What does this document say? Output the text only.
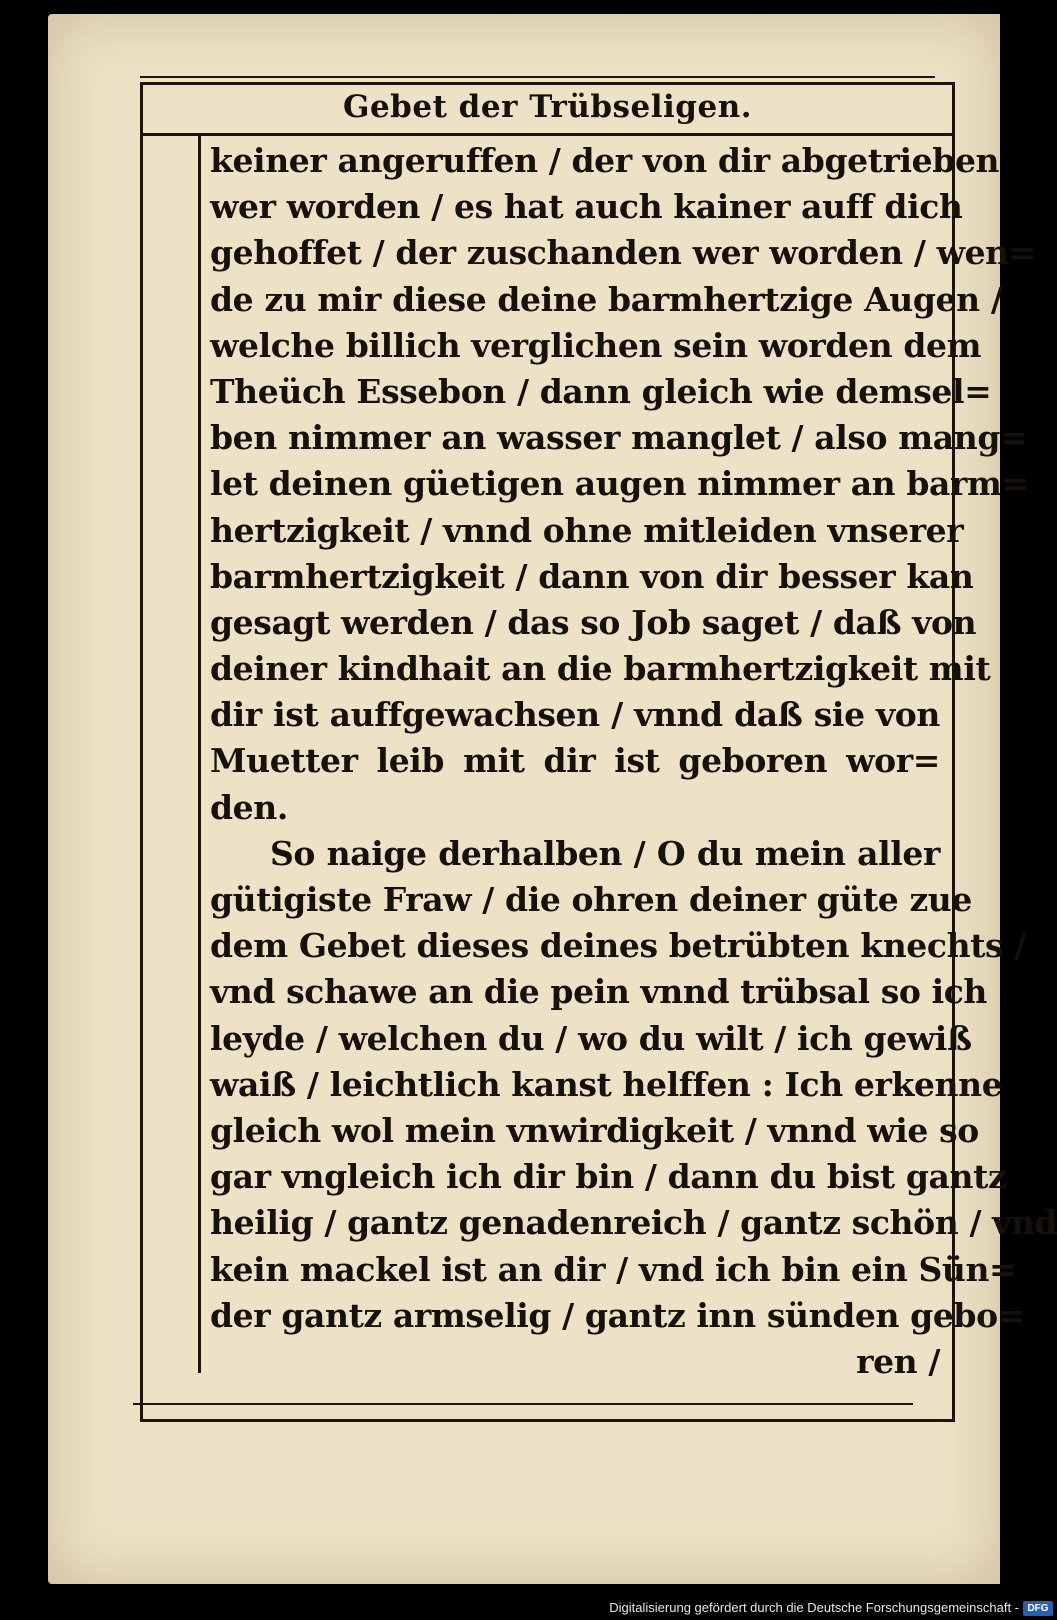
Gebet der Trübseligen.
keiner angeruffen / der von dir abgetrieben
wer worden / es hat auch kainer auff dich
gehoffet / der zuschanden wer worden / wen=
de zu mir diese deine barmhertzige Augen /
welche billich verglichen sein worden dem
Theüch Essebon / dann gleich wie demsel=
ben nimmer an wasser manglet / also mang=
let deinen güetigen augen nimmer an barm=
hertzigkeit / vnnd ohne mitleiden vnserer
barmhertzigkeit / dann von dir besser kan
gesagt werden / das so Job saget / daß von
deiner kindhait an die barmhertzigkeit mit
dir ist auffgewachsen / vnnd daß sie von
Muetter leib mit dir ist geboren wor=
den.
So naige derhalben / O du mein aller
gütigiste Fraw / die ohren deiner güte zue
dem Gebet dieses deines betrübten knechts /
vnd schawe an die pein vnnd trübsal so ich
leyde / welchen du / wo du wilt / ich gewiß
waiß / leichtlich kanst helffen : Ich erkenne
gleich wol mein vnwirdigkeit / vnnd wie so
gar vngleich ich dir bin / dann du bist gantz
heilig / gantz genadenreich / gantz schön / vnd
kein mackel ist an dir / vnd ich bin ein Sün=
der gantz armselig / gantz inn sünden gebo=
ren /
Digitalisierung gefördert durch die Deutsche Forschungsgemeinschaft - DFG
